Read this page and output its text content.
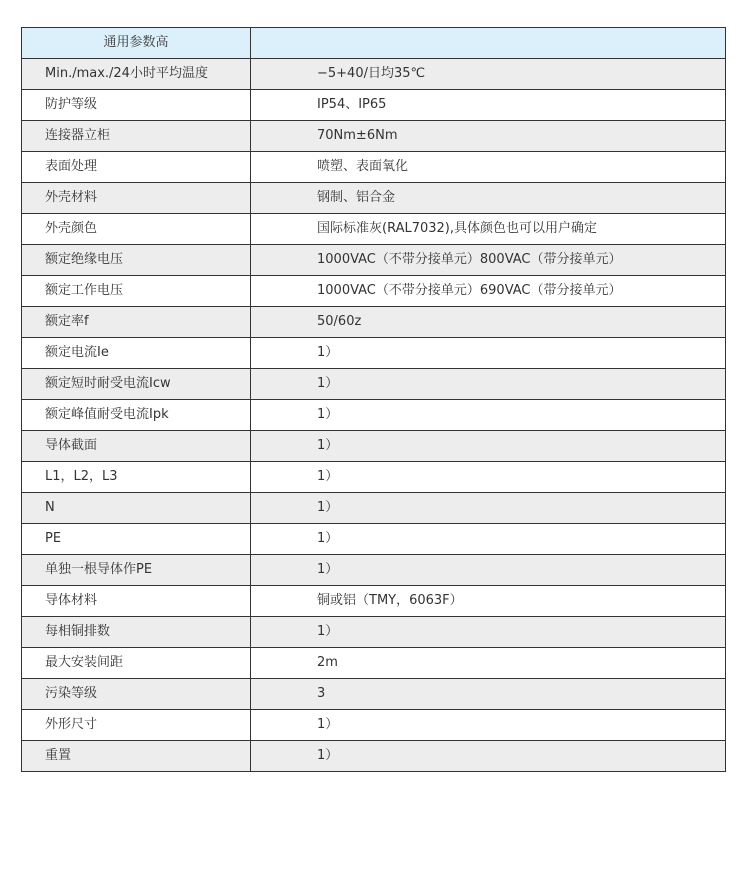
通用参数高	
Min./max./24小时平均温度	−5+40/日均35℃
防护等级	IP54、IP65
连接器立柜	70Nm±6Nm
表面处理	喷塑、表面氧化
外壳材料	钢制、铝合金
外壳颜色	国际标准灰(RAL7032),具体颜色也可以用户确定
额定绝缘电压	1000VAC（不带分接单元）800VAC（带分接单元）
额定工作电压	1000VAC（不带分接单元）690VAC（带分接单元）
额定率f	50/60z
额定电流Ie	1）
额定短时耐受电流Icw	1）
额定峰值耐受电流Ipk	1）
导体截面	1）
L1，L2，L3	1）
N	1）
PE	1）
单独一根导体作PE	1）
导体材料	铜或铝（TMY，6063F）
每相铜排数	1）
最大安装间距	2m
污染等级	3
外形尺寸	1）
重置	1）
